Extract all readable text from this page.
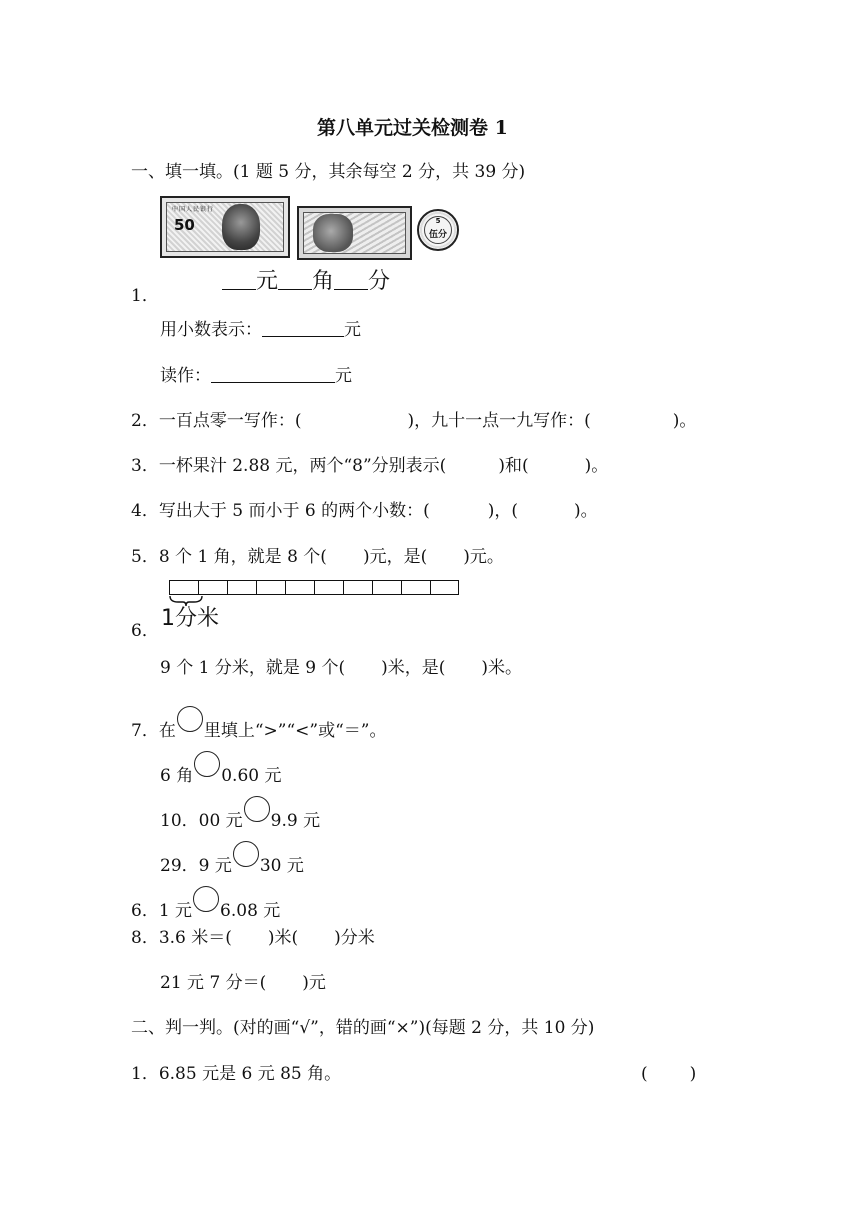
第八单元过关检测卷 1
一、填一填。(1 题 5 分，其余每空 2 分，共 39 分)
中国人民银行
50	5
伍分
1．
元 角 分
用小数表示：	元
读作：	元
2．一百点零一写作：(	)，九十一点一九写作：(	)。
3．一杯果汁 2.88 元，两个“8”分别表示(	)和(	)。
4．写出大于 5 而小于 6 的两个小数：(	)，(	)。
5．8 个 1 角，就是 8 个( )元，是( )元。
6． 1分米
9 个 1 分米，就是 9 个( )米，是( )米。
7．在 里填上“>”“<”或“＝”。
6 角 0.60 元
10．00 元 9.9 元
29．9 元 30 元
6．1 元 6.08 元
8．3.6 米＝( )米( )分米
21 元 7 分＝( )元
二、判一判。(对的画“√”，错的画“×”)(每题 2 分，共 10 分)
1．6.85 元是 6 元 85 角。	( )
